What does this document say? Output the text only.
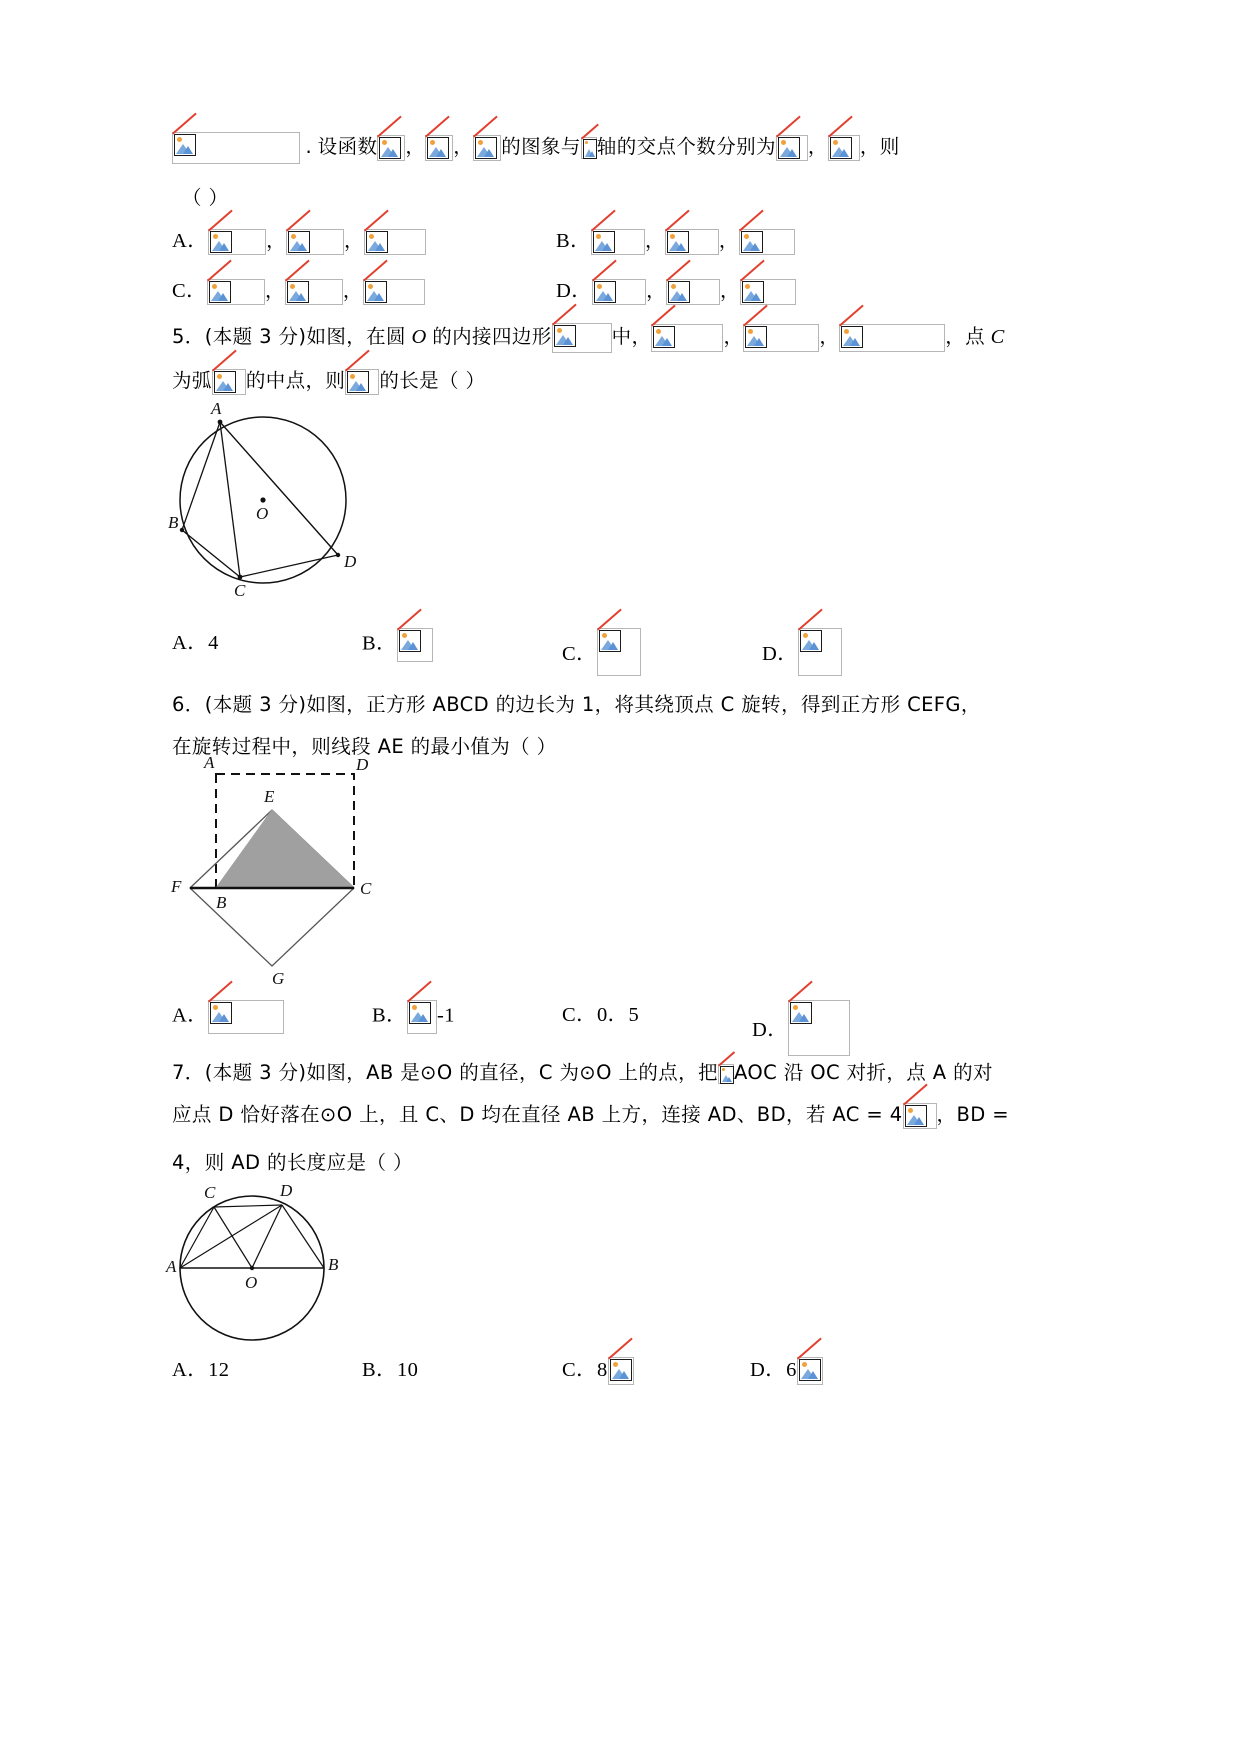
. 设函数 ， ， 的图象与 轴的交点个数分别为 ， ，则
（ ）
A．	，	，	B．	，	，
C．	，	，	D．	，	，
5．(本题 3 分)如图，在圆 O 的内接四边形	中，	，	，	，点 C
为弧 的中点，则 的长是（ ）
A
B
C
D
O
A．4	B．	C．	D．
6．(本题 3 分)如图，正方形 ABCD 的边长为 1，将其绕顶点 C 旋转，得到正方形 CEFG，
在旋转过程中，则线段 AE 的最小值为（ ）
A	D
E
F
B
C
G
A．	B． -1	C．0．5
D．
7．(本题 3 分)如图，AB 是⊙O 的直径，C 为⊙O 上的点，把 AOC 沿 OC 对折，点 A 的对
应点 D 恰好落在⊙O 上，且 C、D 均在直径 AB 上方，连接 AD、BD，若 AC = 4 ，BD =
4，则 AD 的长度应是（ ）
C	D
A	B
O
A．12	B．10	C．8	D．6
